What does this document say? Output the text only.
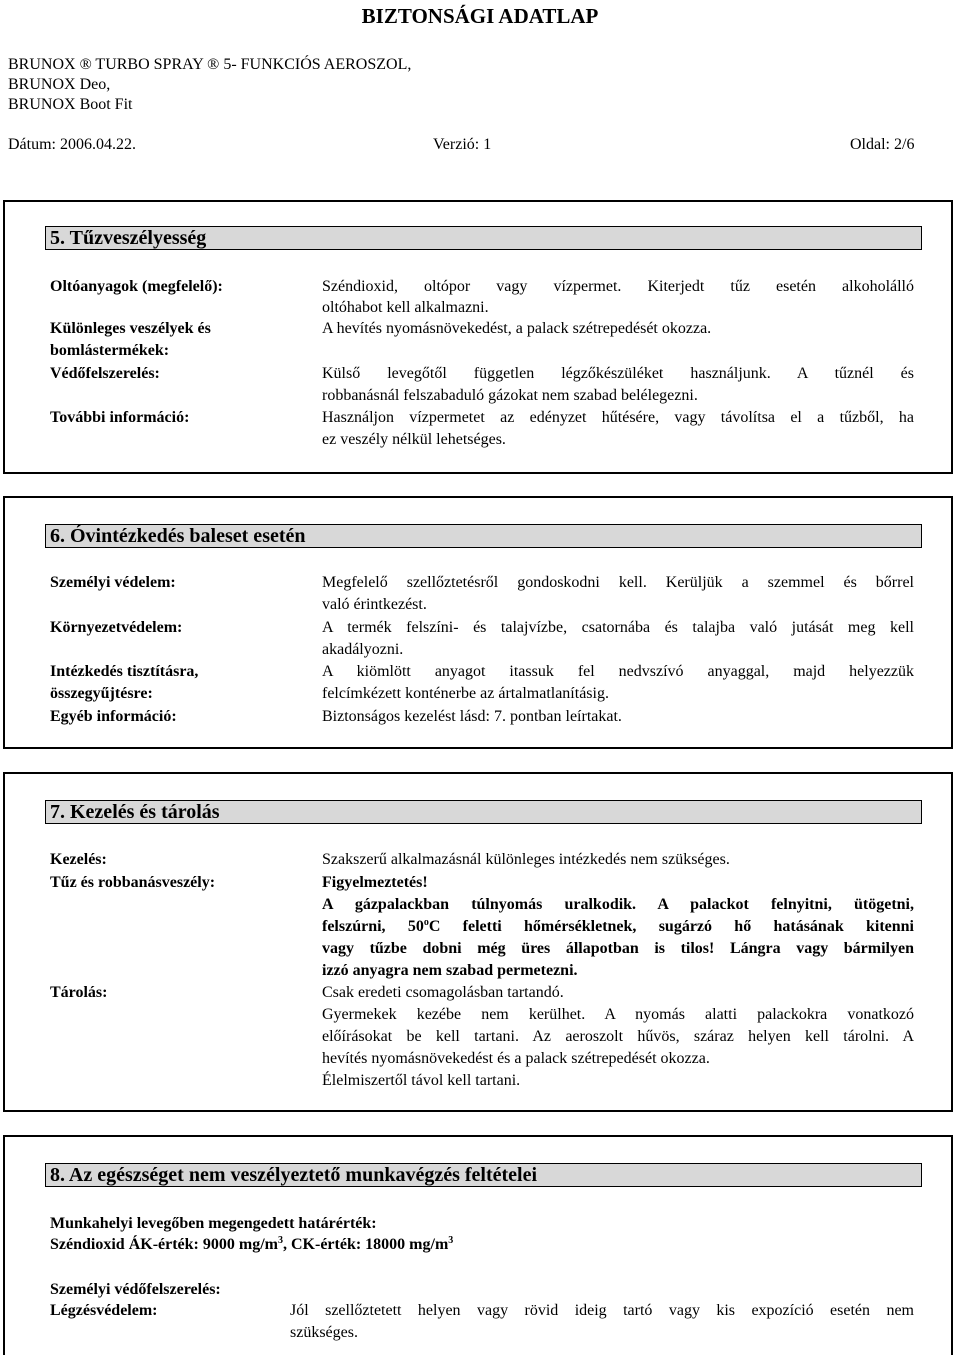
BIZTONSÁGI ADATLAP
BRUNOX ® TURBO SPRAY ® 5- FUNKCIÓS AEROSZOL,
BRUNOX Deo,
BRUNOX Boot Fit
Dátum: 2006.04.22.	Verzió: 1	Oldal: 2/6
5. Tűzveszélyesség
Oltóanyagok (megfelelő):	Széndioxid, oltópor vagy vízpermet. Kiterjedt tűz esetén alkoholálló
oltóhabot kell alkalmazni.
Különleges veszélyek és	A hevítés nyomásnövekedést, a palack szétrepedését okozza.
bomlástermékek:
Védőfelszerelés:	Külső levegőtől független légzőkészüléket használjunk. A tűznél és
robbanásnál felszabaduló gázokat nem szabad belélegezni.
További információ:	Használjon vízpermetet az edényzet hűtésére, vagy távolítsa el a tűzből, ha
ez veszély nélkül lehetséges.
6. Óvintézkedés baleset esetén
Személyi védelem:	Megfelelő szellőztetésről gondoskodni kell. Kerüljük a szemmel és bőrrel
való érintkezést.
Környezetvédelem:	A termék felszíni- és talajvízbe, csatornába és talajba való jutását meg kell
akadályozni.
Intézkedés tisztításra,	A kiömlött anyagot itassuk fel nedvszívó anyaggal, majd helyezzük
összegyűjtésre:	felcímkézett konténerbe az ártalmatlanításig.
Egyéb információ:	Biztonságos kezelést lásd: 7. pontban leírtakat.
7. Kezelés és tárolás
Kezelés:	Szakszerű alkalmazásnál különleges intézkedés nem szükséges.
Tűz és robbanásveszély:	Figyelmeztetés!
A gázpalackban túlnyomás uralkodik. A palackot felnyitni, ütögetni,
felszúrni, 50$^o$C feletti hőmérsékletnek, sugárzó hő hatásának kitenni
vagy tűzbe dobni még üres állapotban is tilos! Lángra vagy bármilyen
izzó anyagra nem szabad permetezni.
Tárolás:	Csak eredeti csomagolásban tartandó.
Gyermekek kezébe nem kerülhet. A nyomás alatti palackokra vonatkozó
előírásokat be kell tartani. Az aeroszolt hűvös, száraz helyen kell tárolni. A
hevítés nyomásnövekedést és a palack szétrepedését okozza.
Élelmiszertől távol kell tartani.
8. Az egészséget nem veszélyeztető munkavégzés feltételei
Munkahelyi levegőben megengedett határérték:
Széndioxid ÁK-érték: 9000 $mg/m^3$, CK-érték: 18000 $mg/m^3$
Személyi védőfelszerelés:
Légzésvédelem:	Jól szellőztetett helyen vagy rövid ideig tartó vagy kis expozíció esetén nem
szükséges.
